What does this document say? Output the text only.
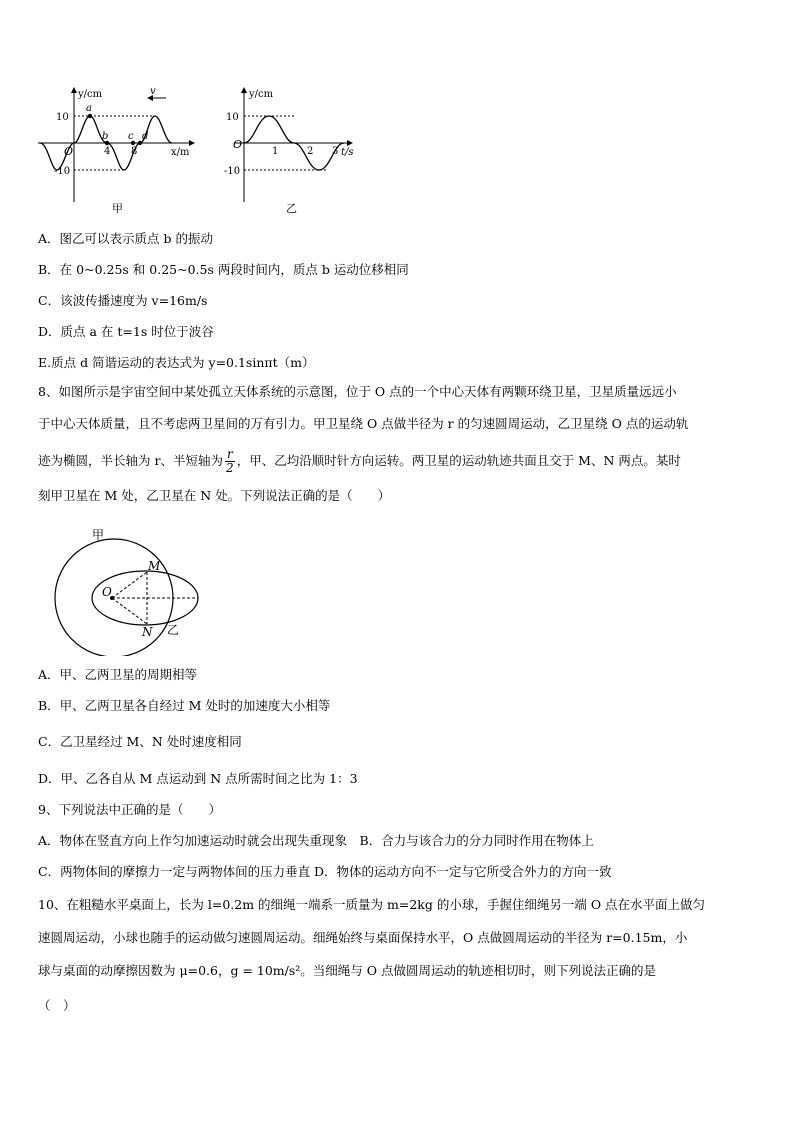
v
y/cm
x/m
10
-10
O	4 8
a
b c d
甲
y/cm
t/s
10
-10
O
1	2 3
乙
A．图乙可以表示质点 b 的振动
B．在 0~0.25s 和 0.25~0.5s 两段时间内，质点 b 运动位移相同
C．该波传播速度为 v=16m/s
D．质点 a 在 t=1s 时位于波谷
E.质点 d 简谐运动的表达式为 y=0.1sinπt（m）
8、如图所示是宇宙空间中某处孤立天体系统的示意图，位于 O 点的一个中心天体有两颗环绕卫星，卫星质量远远小
于中心天体质量，且不考虑两卫星间的万有引力。甲卫星绕 O 点做半径为 r 的匀速圆周运动，乙卫星绕 O 点的运动轨
迹为椭圆，半长轴为 r、半短轴为 $\frac{r}{2}$ ，甲、乙均沿顺时针方向运转。两卫星的运动轨迹共面且交于 M、N 两点。某时
刻甲卫星在 M 处，乙卫星在 N 处。下列说法正确的是（　　）
甲
M
N
O
乙
A．甲、乙两卫星的周期相等
B．甲、乙两卫星各自经过 M 处时的加速度大小相等
C．乙卫星经过 M、N 处时速度相同
D．甲、乙各自从 M 点运动到 N 点所需时间之比为 1：3
9、下列说法中正确的是（　　）
A．物体在竖直方向上作匀加速运动时就会出现失重现象　B．合力与该合力的分力同时作用在物体上
C．两物体间的摩擦力一定与两物体间的压力垂直 D．物体的运动方向不一定与它所受合外力的方向一致
10、在粗糙水平桌面上，长为 l=0.2m 的细绳一端系一质量为 m=2kg 的小球，手握住细绳另一端 O 点在水平面上做匀
速圆周运动，小球也随手的运动做匀速圆周运动。细绳始终与桌面保持水平，O 点做圆周运动的半径为 r=0.15m，小
球与桌面的动摩擦因数为 μ=0.6，g = 10m/s²。当细绳与 O 点做圆周运动的轨迹相切时，则下列说法正确的是
（　）
